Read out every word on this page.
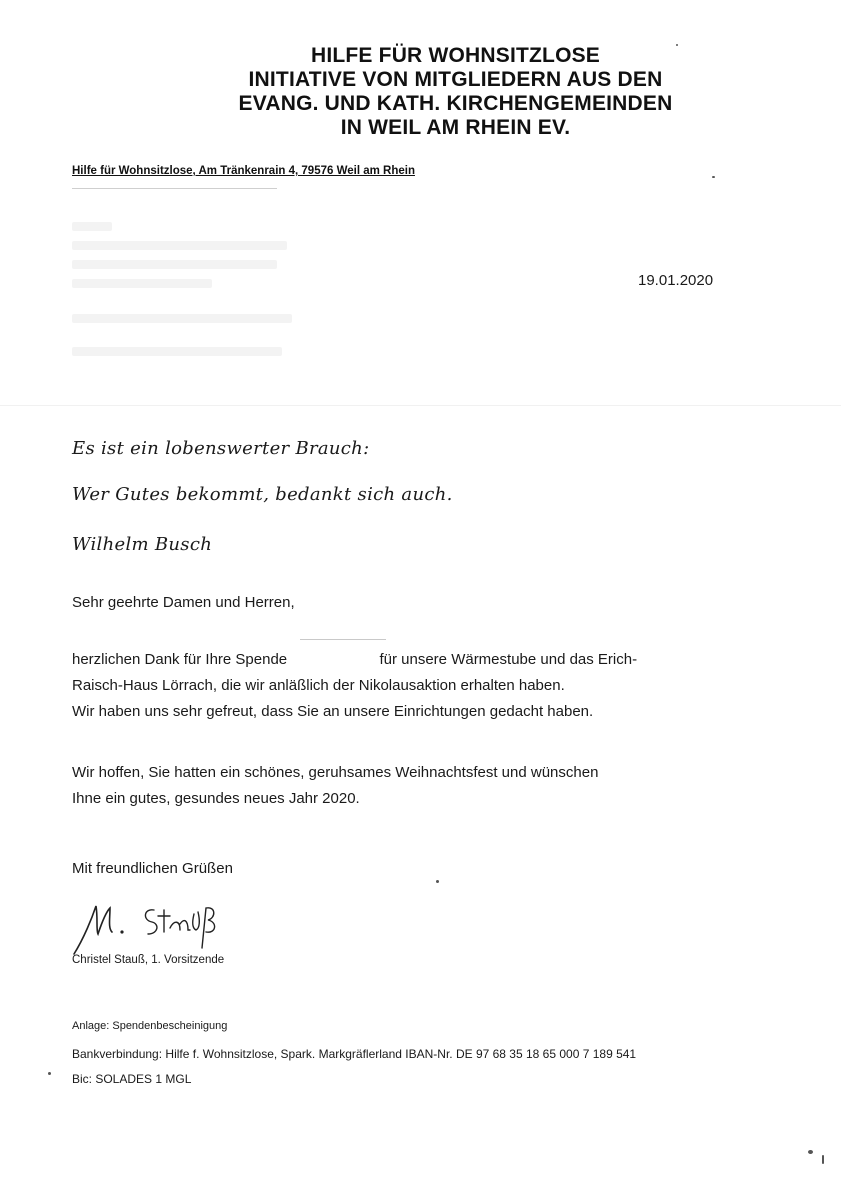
HILFE FÜR WOHNSITZLOSE
INITIATIVE VON MITGLIEDERN AUS DEN
EVANG. UND KATH. KIRCHENGEMEINDEN
IN WEIL AM RHEIN EV.
Hilfe für Wohnsitzlose, Am Tränkenrain 4, 79576 Weil am Rhein
19.01.2020
Es ist ein lobenswerter Brauch:
Wer Gutes bekommt, bedankt sich auch.
Wilhelm Busch
Sehr geehrte Damen und Herren,
herzlichen Dank für Ihre Spende	für unsere Wärmestube und das Erich-
Raisch-Haus Lörrach, die wir anläßlich der Nikolausaktion erhalten haben.
Wir haben uns sehr gefreut, dass Sie an unsere Einrichtungen gedacht haben.
Wir hoffen, Sie hatten ein schönes, geruhsames Weihnachtsfest und wünschen
Ihne ein gutes, gesundes neues Jahr 2020.
Mit freundlichen Grüßen
Christel Stauß, 1. Vorsitzende
Anlage: Spendenbescheinigung
Bankverbindung: Hilfe f. Wohnsitzlose, Spark. Markgräflerland IBAN-Nr. DE 97 68 35 18 65 000 7 189 541
Bic: SOLADES 1 MGL
